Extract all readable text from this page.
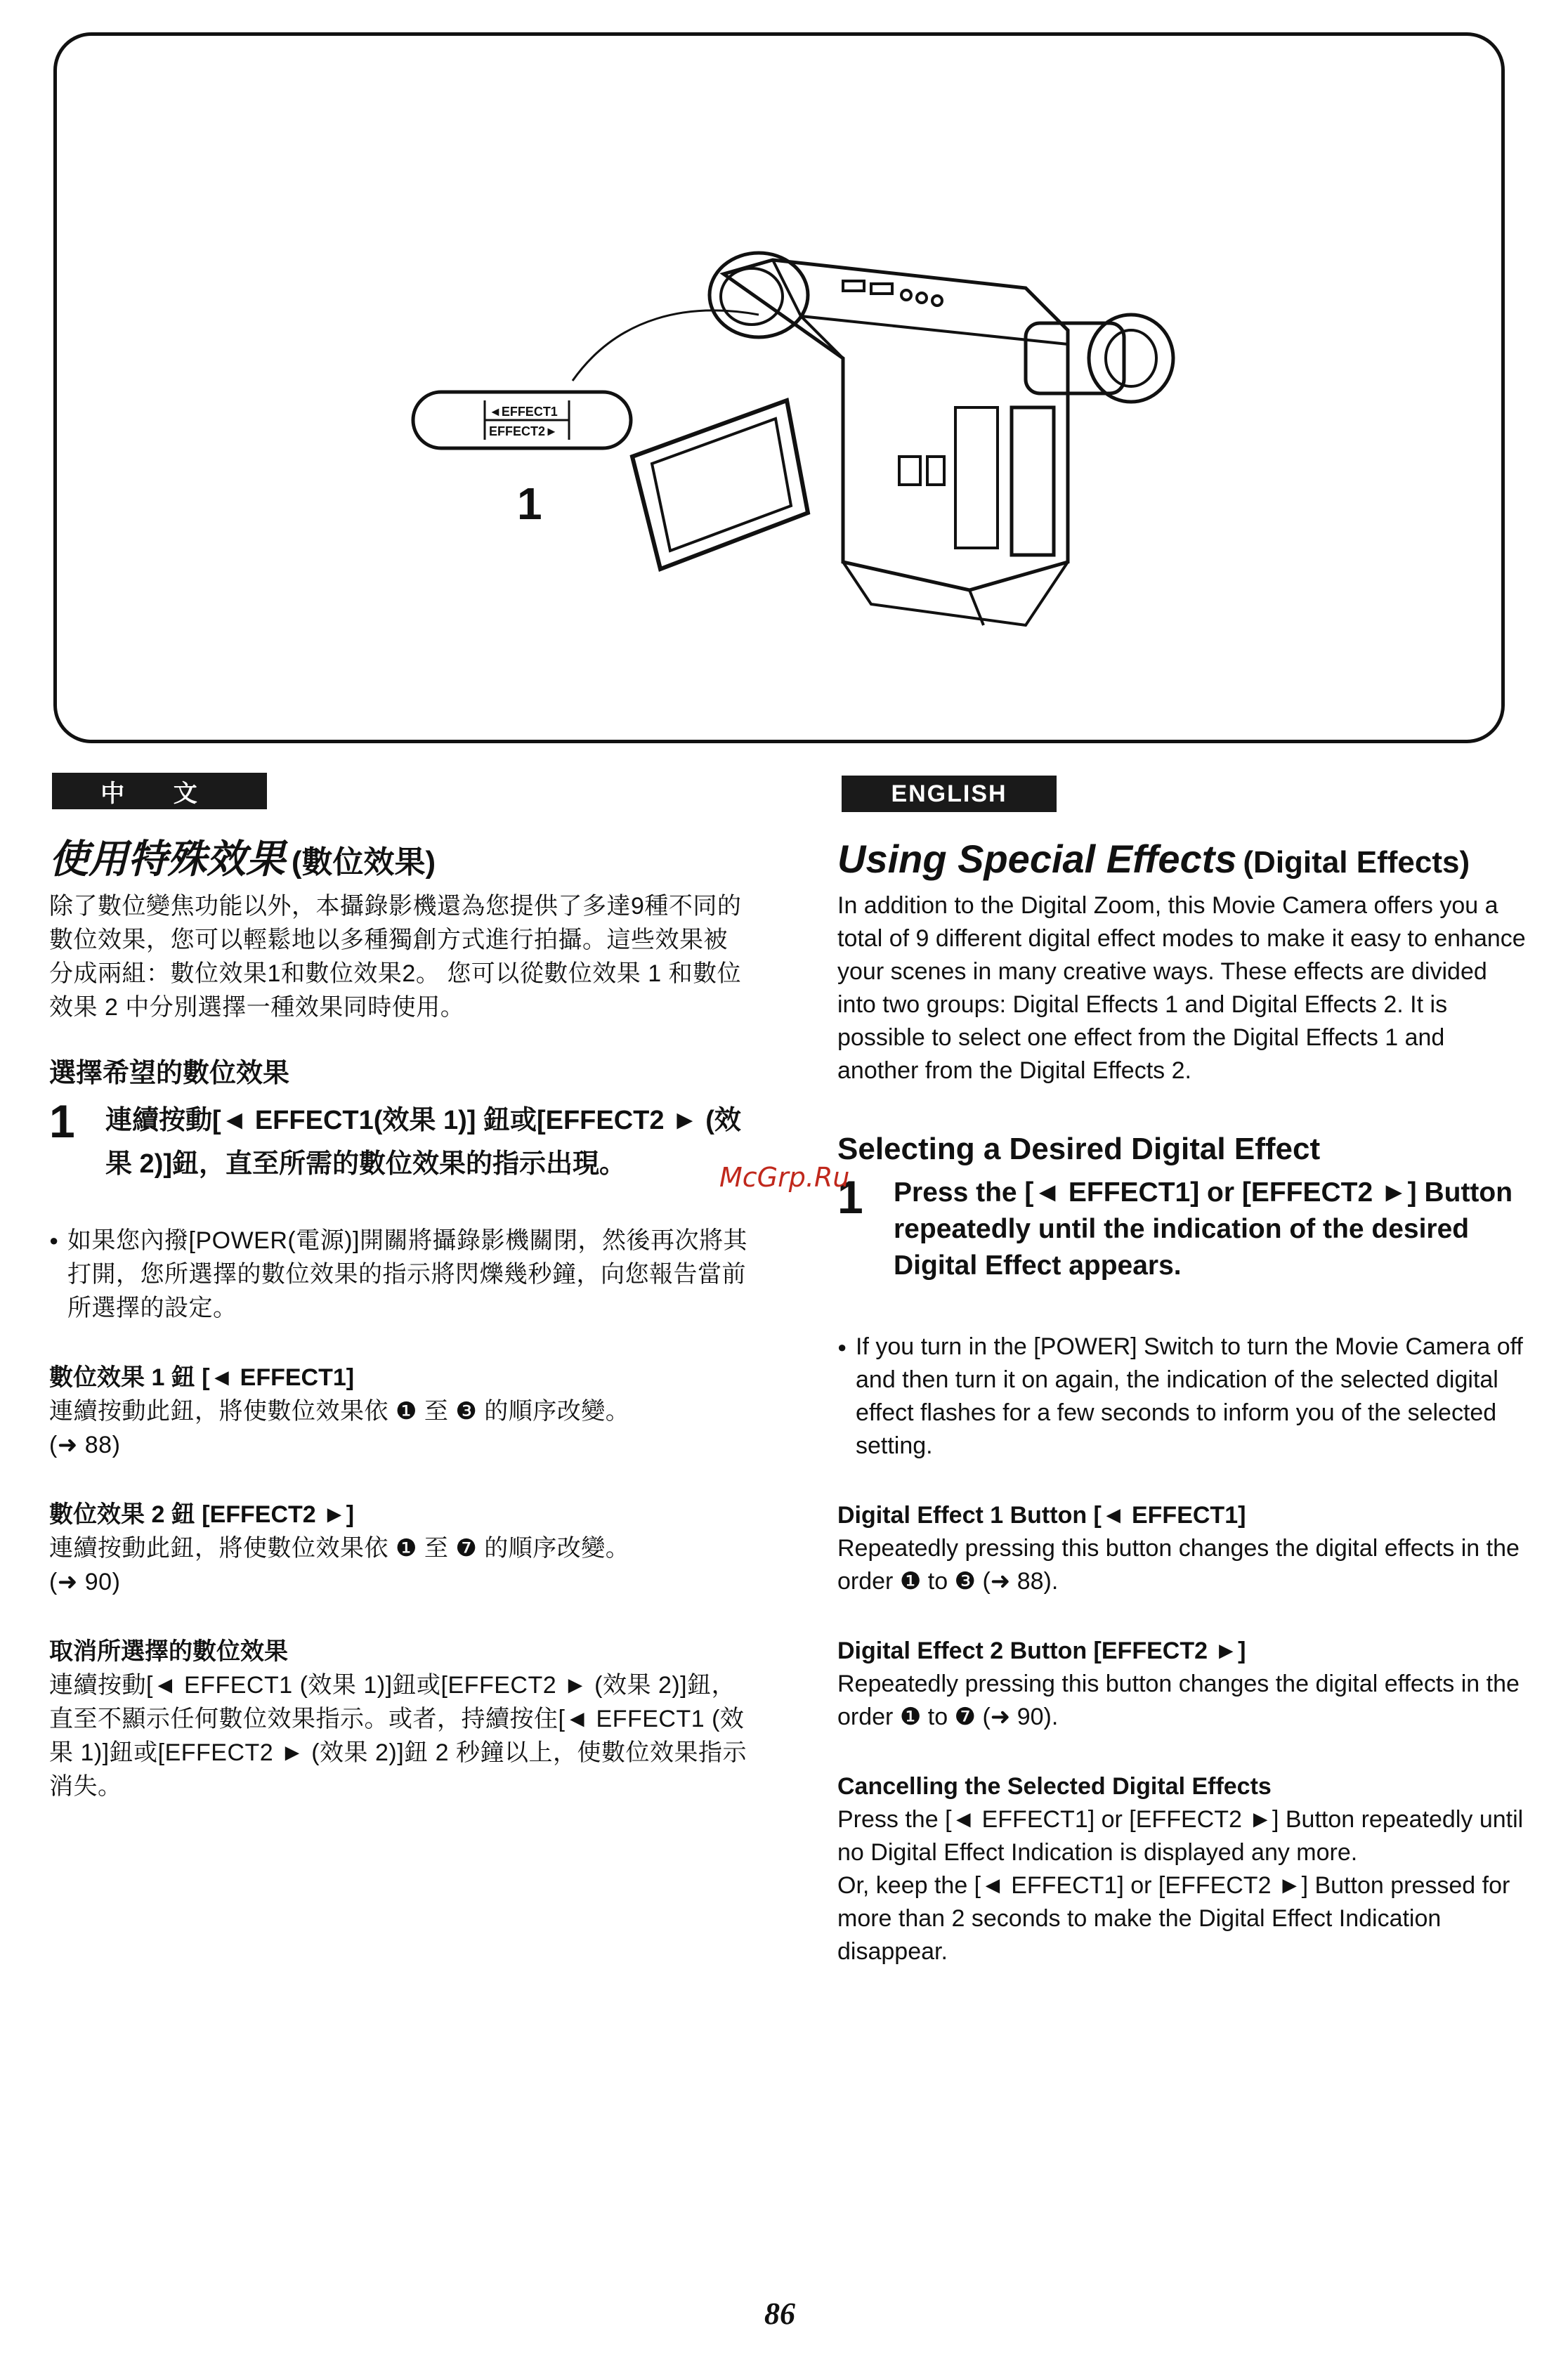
◄EFFECT1
EFFECT2►
1
中 文	ENGLISH
使用特殊效果 (數位效果)

除了數位變焦功能以外，本攝錄影機還為您提供了多達9種不同的數位效果，您可以輕鬆地以多種獨創方式進行拍攝。這些效果被分成兩組：數位效果1和數位效果2。 您可以從數位效果 1 和數位效果 2 中分別選擇一種效果同時使用。

選擇希望的數位效果
1 連續按動[◄ EFFECT1(效果 1)] 鈕或[EFFECT2 ► (效果 2)]鈕，直至所需的數位效果的指示出現。

● 如果您內撥[POWER(電源)]開關將攝錄影機關閉，然後再次將其打開，您所選擇的數位效果的指示將閃爍幾秒鐘，向您報告當前所選擇的設定。

數位效果 1 鈕 [◄ EFFECT1]

連續按動此鈕，將使數位效果依 ❶ 至 ❸ 的順序改變。

(➜ 88)

數位效果 2 鈕 [EFFECT2 ►]

連續按動此鈕，將使數位效果依 ❶ 至 ❼ 的順序改變。

(➜ 90)

取消所選擇的數位效果

連續按動[◄ EFFECT1 (效果 1)]鈕或[EFFECT2 ► (效果 2)]鈕，直至不顯示任何數位效果指示。或者，持續按住[◄ EFFECT1 (效果 1)]鈕或[EFFECT2 ► (效果 2)]鈕 2 秒鐘以上，使數位效果指示消失。

Using Special Effects (Digital Effects)

In addition to the Digital Zoom, this Movie Camera offers you a total of 9 different digital effect modes to make it easy to enhance your scenes in many creative ways. These effects are divided into two groups: Digital Effects 1 and Digital Effects 2. It is possible to select one effect from the Digital Effects 1 and another from the Digital Effects 2.

Selecting a Desired Digital Effect
1 Press the [◄ EFFECT1] or [EFFECT2 ►] Button repeatedly until the indication of the desired Digital Effect appears.

● If you turn in the [POWER] Switch to turn the Movie Camera off and then turn it on again, the indication of the selected digital effect flashes for a few seconds to inform you of the selected setting.

Digital Effect 1 Button [◄ EFFECT1]

Repeatedly pressing this button changes the digital effects in the order ❶ to ❸ (➜ 88).

Digital Effect 2 Button [EFFECT2 ►]

Repeatedly pressing this button changes the digital effects in the order ❶ to ❼ (➜ 90).

Cancelling the Selected Digital Effects

Press the [◄ EFFECT1] or [EFFECT2 ►] Button repeatedly until no Digital Effect Indication is displayed any more.

Or, keep the [◄ EFFECT1] or [EFFECT2 ►] Button pressed for more than 2 seconds to make the Digital Effect Indication disappear.

McGrp.Ru
86
